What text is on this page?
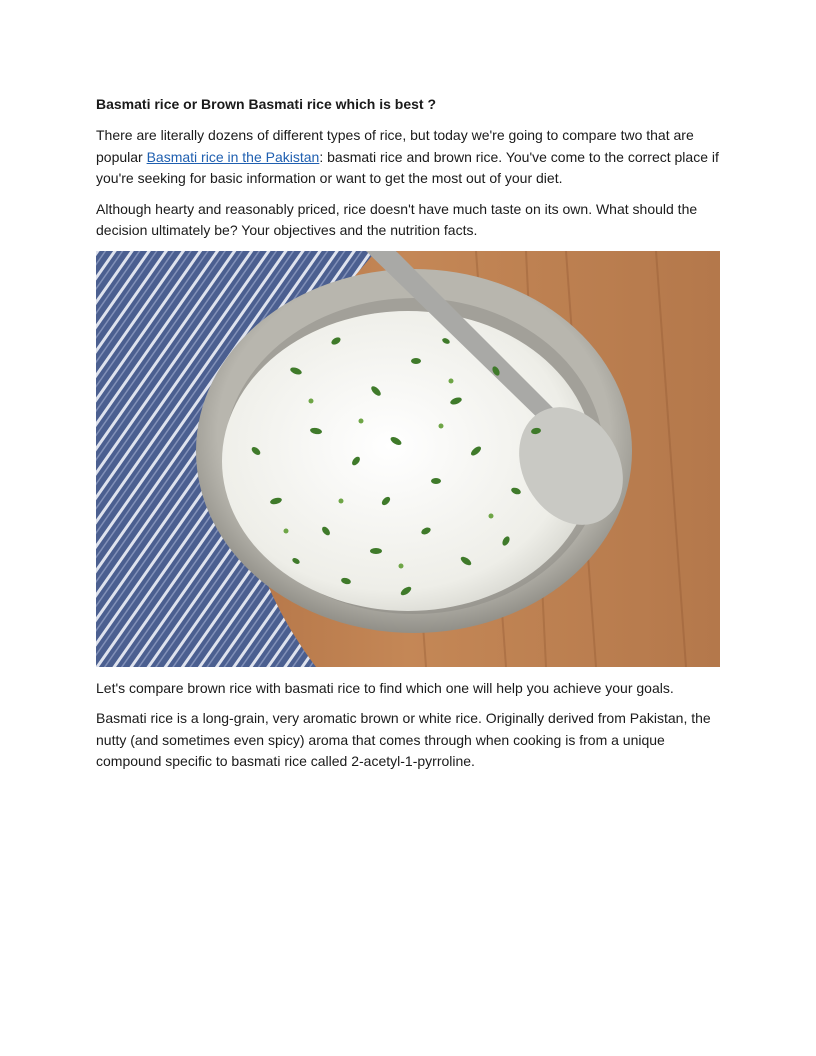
Basmati rice or Brown Basmati rice which is best ?

There are literally dozens of different types of rice, but today we're going to compare two that are popular Basmati rice in the Pakistan: basmati rice and brown rice. You've come to the correct place if you're seeking for basic information or want to get the most out of your diet.

Although hearty and reasonably priced, rice doesn't have much taste on its own. What should the decision ultimately be? Your objectives and the nutrition facts.

Let's compare brown rice with basmati rice to find which one will help you achieve your goals.

Basmati rice is a long-grain, very aromatic brown or white rice. Originally derived from Pakistan, the nutty (and sometimes even spicy) aroma that comes through when cooking is from a unique compound specific to basmati rice called 2-acetyl-1-pyrroline.
